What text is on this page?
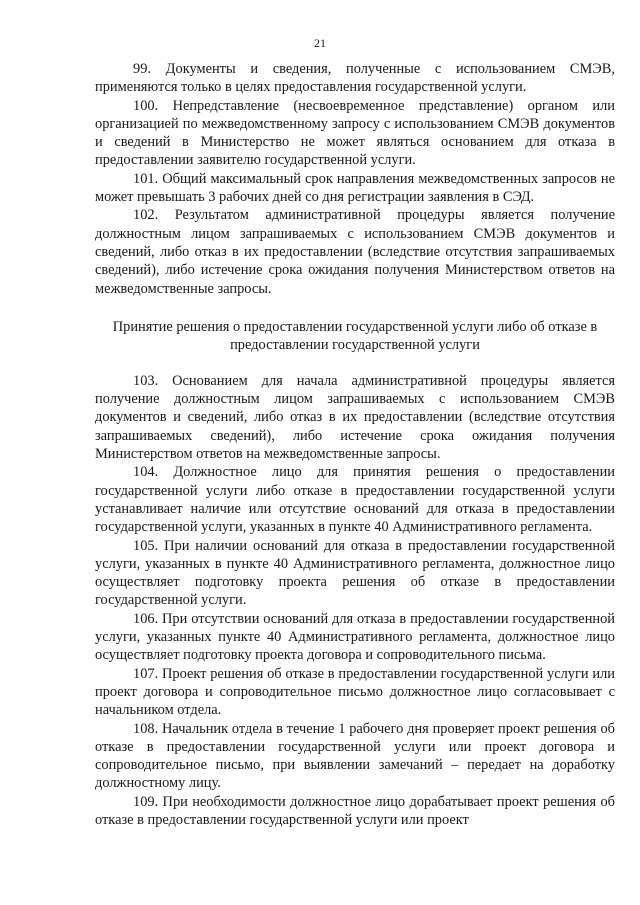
21

99. Документы и сведения, полученные с использованием СМЭВ, применяются только в целях предоставления государственной услуги.

100. Непредставление (несвоевременное представление) органом или организацией по межведомственному запросу с использованием СМЭВ документов и сведений в Министерство не может являться основанием для отказа в предоставлении заявителю государственной услуги.

101. Общий максимальный срок направления межведомственных запросов не может превышать 3 рабочих дней со дня регистрации заявления в СЭД.

102. Результатом административной процедуры является получение должностным лицом запрашиваемых с использованием СМЭВ документов и сведений, либо отказ в их предоставлении (вследствие отсутствия запрашиваемых сведений), либо истечение срока ожидания получения Министерством ответов на межведомственные запросы.

Принятие решения о предоставлении государственной услуги либо об отказе в предоставлении государственной услуги

103. Основанием для начала административной процедуры является получение должностным лицом запрашиваемых с использованием СМЭВ документов и сведений, либо отказ в их предоставлении (вследствие отсутствия запрашиваемых сведений), либо истечение срока ожидания получения Министерством ответов на межведомственные запросы.

104. Должностное лицо для принятия решения о предоставлении государственной услуги либо отказе в предоставлении государственной услуги устанавливает наличие или отсутствие оснований для отказа в предоставлении государственной услуги, указанных в пункте 40 Административного регламента.

105. При наличии оснований для отказа в предоставлении государственной услуги, указанных в пункте 40 Административного регламента, должностное лицо осуществляет подготовку проекта решения об отказе в предоставлении государственной услуги.

106. При отсутствии оснований для отказа в предоставлении государственной услуги, указанных пункте 40 Административного регламента, должностное лицо осуществляет подготовку проекта договора и сопроводительного письма.

107. Проект решения об отказе в предоставлении государственной услуги или проект договора и сопроводительное письмо должностное лицо согласовывает с начальником отдела.

108. Начальник отдела в течение 1 рабочего дня проверяет проект решения об отказе в предоставлении государственной услуги или проект договора и сопроводительное письмо, при выявлении замечаний – передает на доработку должностному лицу.

109. При необходимости должностное лицо дорабатывает проект решения об отказе в предоставлении государственной услуги или проект
